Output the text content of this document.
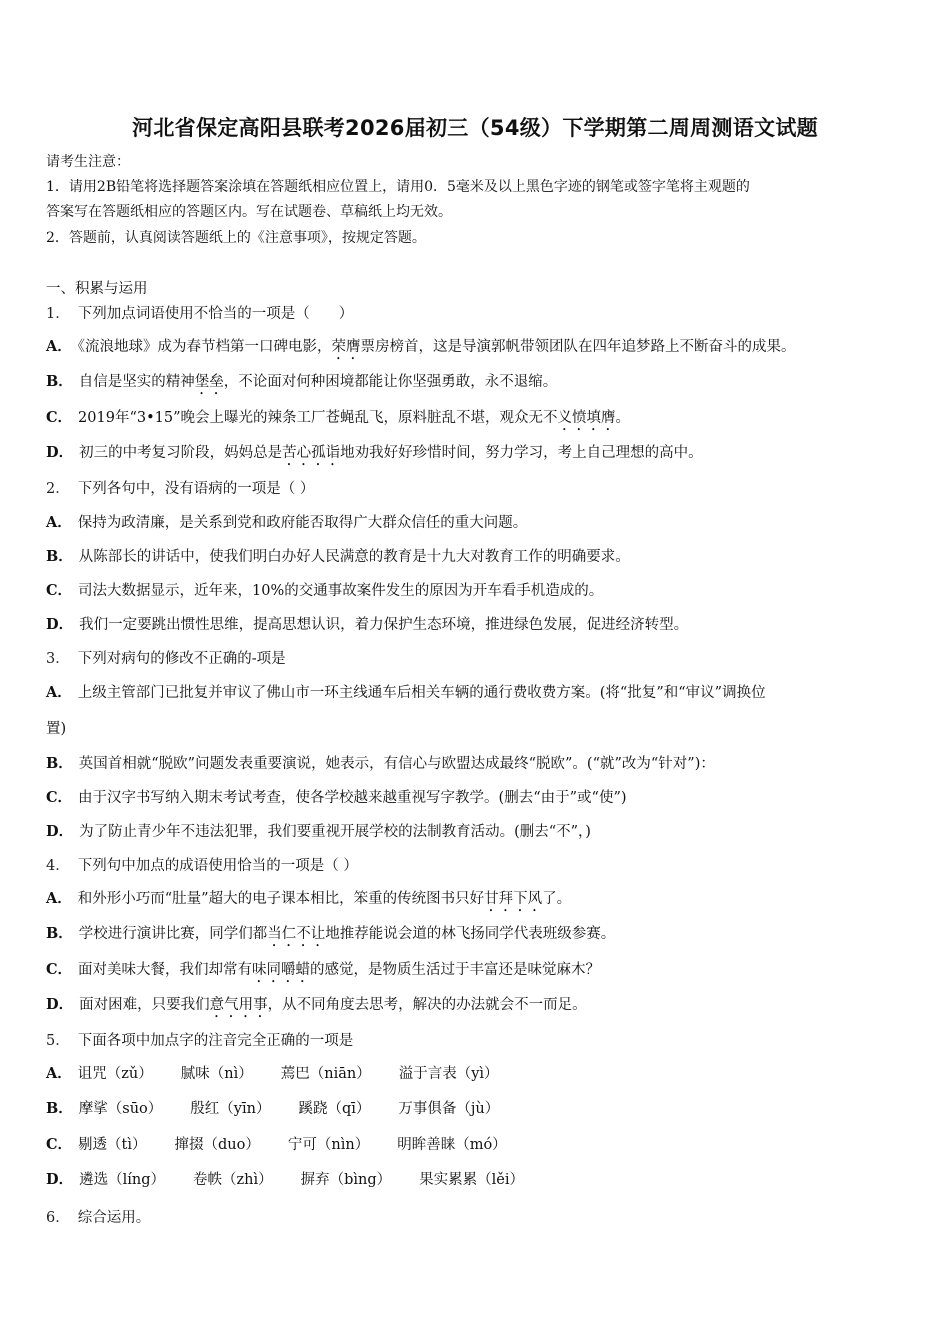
河北省保定高阳县联考2026届初三（54级）下学期第二周周测语文试题
请考生注意：
1．请用2B铅笔将选择题答案涂填在答题纸相应位置上，请用0．5毫米及以上黑色字迹的钢笔或签字笔将主观题的
答案写在答题纸相应的答题区内。写在试题卷、草稿纸上均无效。
2．答题前，认真阅读答题纸上的《注意事项》，按规定答题。
一、积累与运用
1． 下列加点词语使用不恰当的一项是（　　）
A． 《流浪地球》成为春节档第一口碑电影，荣膺票房榜首，这是导演郭帆带领团队在四年追梦路上不断奋斗的成果。
B． 自信是坚实的精神堡垒，不论面对何种困境都能让你坚强勇敢，永不退缩。
C． 2019年“3•15”晚会上曝光的辣条工厂苍蝇乱飞，原料脏乱不堪，观众无不义愤填膺。
D． 初三的中考复习阶段，妈妈总是苦心孤诣地劝我好好珍惜时间，努力学习，考上自己理想的高中。
2． 下列各句中，没有语病的一项是（ ）
A． 保持为政清廉，是关系到党和政府能否取得广大群众信任的重大问题。
B． 从陈部长的讲话中，使我们明白办好人民满意的教育是十九大对教育工作的明确要求。
C． 司法大数据显示，近年来，10%的交通事故案件发生的原因为开车看手机造成的。
D． 我们一定要跳出惯性思维，提高思想认识，着力保护生态环境，推进绿色发展，促进经济转型。
3． 下列对病句的修改不正确的-项是
A． 上级主管部门已批复并审议了佛山市一环主线通车后相关车辆的通行费收费方案。(将“批复”和“审议”调换位
置)
B． 英国首相就“脱欧”问题发表重要演说，她表示，有信心与欧盟达成最终“脱欧”。(“就”改为“针对”)：
C． 由于汉字书写纳入期末考试考查，使各学校越来越重视写字教学。(删去“由于”或“使”)
D． 为了防止青少年不违法犯罪，我们要重视开展学校的法制教育活动。(删去“不”，)
4． 下列句中加点的成语使用恰当的一项是（ ）
A． 和外形小巧而“肚量”超大的电子课本相比，笨重的传统图书只好甘拜下风了。
B． 学校进行演讲比赛，同学们都当仁不让地推荐能说会道的林飞扬同学代表班级参赛。
C． 面对美味大餐，我们却常有味同嚼蜡的感觉，是物质生活过于丰富还是味觉麻木？
D． 面对困难，只要我们意气用事，从不同角度去思考，解决的办法就会不一而足。
5． 下面各项中加点字的注音完全正确的一项是
A． 诅咒（zǔ） 腻味（nì） 蔫巴（niān） 溢于言表（yì）
B． 摩挲（sūo） 殷红（yīn） 蹊跷（qī） 万事俱备（jù）
C． 剔透（tì） 撺掇（duo） 宁可（nìn） 明眸善睐（mó）
D． 遴选（líng） 卷帙（zhì） 摒弃（bìng） 果实累累（lěi）
6． 综合运用。
